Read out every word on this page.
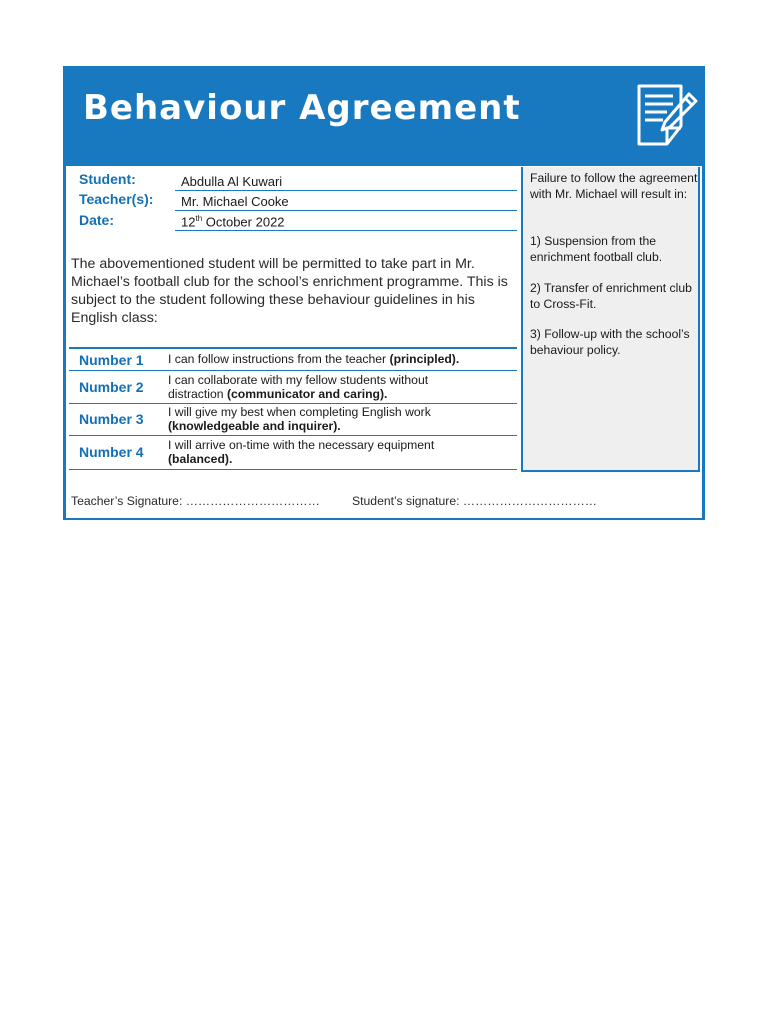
Behaviour Agreement
Student:	Abdulla Al Kuwari
Teacher(s): Mr. Michael Cooke
Date:	12th October 2022
The abovementioned student will be permitted to take part in Mr. Michael’s football club for the school’s enrichment programme. This is subject to the student following these behaviour guidelines in his English class:
Number 1 I can follow instructions from the teacher (principled).
Number 2 I can collaborate with my fellow students without
distraction (communicator and caring).
Number 3 I will give my best when completing English work
(knowledgeable and inquirer).
Number 4 I will arrive on-time with the necessary equipment
(balanced).
Failure to follow the agreement with Mr. Michael will result in:
1) Suspension from the enrichment football club.
2) Transfer of enrichment club to Cross-Fit.
3) Follow-up with the school’s behaviour policy.
Teacher’s Signature: ……………………………	Student’s signature: ……………………………
